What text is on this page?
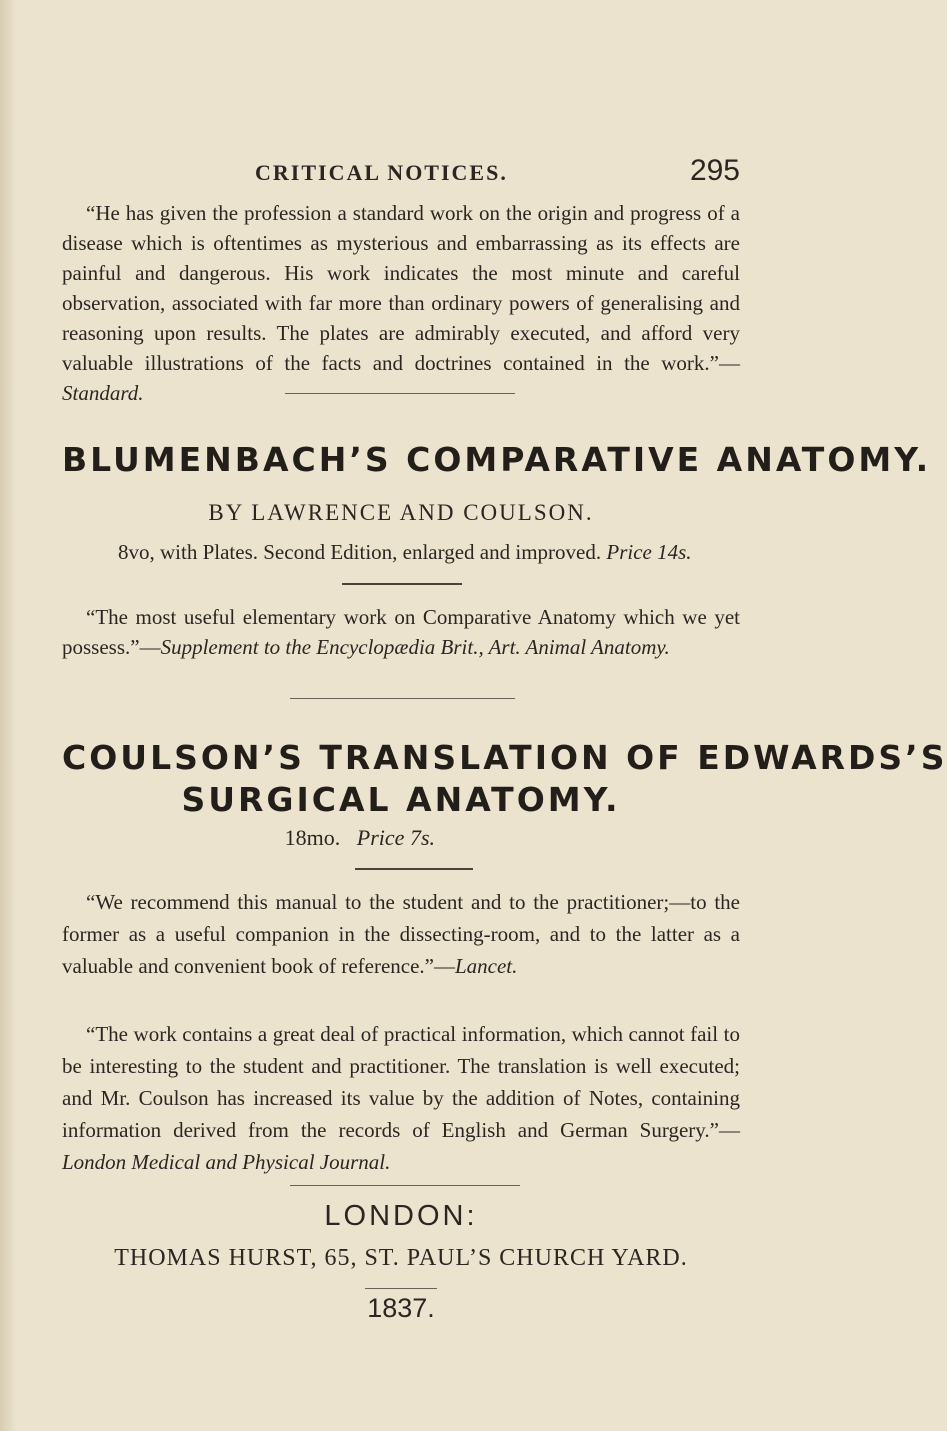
CRITICAL NOTICES.	295

“He has given the profession a standard work on the origin and progress of a disease which is oftentimes as mysterious and embarrassing as its effects are painful and dangerous. His work indicates the most minute and careful observation, associated with far more than ordinary powers of generalising and reasoning upon results. The plates are admirably executed, and afford very valuable illustrations of the facts and doctrines contained in the work.”—Standard.

BLUMENBACH’S COMPARATIVE ANATOMY.
BY LAWRENCE AND COULSON.
8vo, with Plates. Second Edition, enlarged and improved. Price 14s.

“The most useful elementary work on Comparative Anatomy which we yet possess.”—Supplement to the Encyclopædia Brit., Art. Animal Anatomy.

COULSON’S TRANSLATION OF EDWARDS’S
SURGICAL ANATOMY.
18mo. Price 7s.

“We recommend this manual to the student and to the practitioner;—to the former as a useful companion in the dissecting-room, and to the latter as a valuable and convenient book of reference.”—Lancet.

“The work contains a great deal of practical information, which cannot fail to be interesting to the student and practitioner. The translation is well executed; and Mr. Coulson has increased its value by the addition of Notes, containing information derived from the records of English and German Surgery.”—London Medical and Physical Journal.

LONDON:
THOMAS HURST, 65, ST. PAUL’S CHURCH YARD.
1837.
